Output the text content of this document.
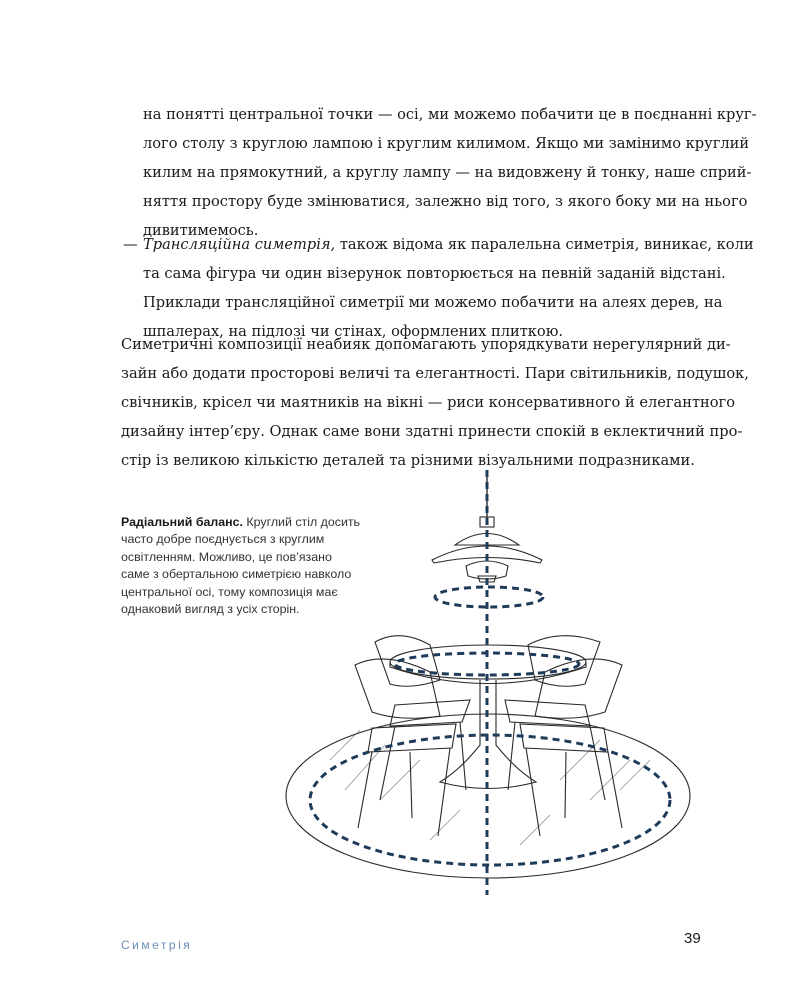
на понятті центральної точки — осі, ми можемо побачити це в поєднанні круг-
лого столу з круглою лампою і круглим килимом. Якщо ми замінимо круглий
килим на прямокутний, а круглу лампу — на видовжену й тонку, наше сприй-
няття простору буде змінюватися, залежно від того, з якого боку ми на нього
дивитимемось.
— Трансляційна симетрія, також відома як паралельна симетрія, виникає, коли
та сама фігура чи один візерунок повторюється на певній заданій відстані.
Приклади трансляційної симетрії ми можемо побачити на алеях дерев, на
шпалерах, на підлозі чи стінах, оформлених плиткою.
Симетричні композиції неабияк допомагають упорядкувати нерегулярний ди-
зайн або додати просторові величі та елегантності. Пари світильників, подушок,
свічників, крісел чи маятників на вікні — риси консервативного й елегантного
дизайну інтер’єру. Однак саме вони здатні принести спокій в еклектичний про-
стір із великою кількістю деталей та різними візуальними подразниками.
Радіальний баланс. Круглий стіл досить
часто добре поєднується з круглим
освітленням. Можливо, це пов’язано
саме з обертальною симетрією навколо
центральної осі, тому композиція має
однаковий вигляд з усіх сторін.
Симетрія	39
